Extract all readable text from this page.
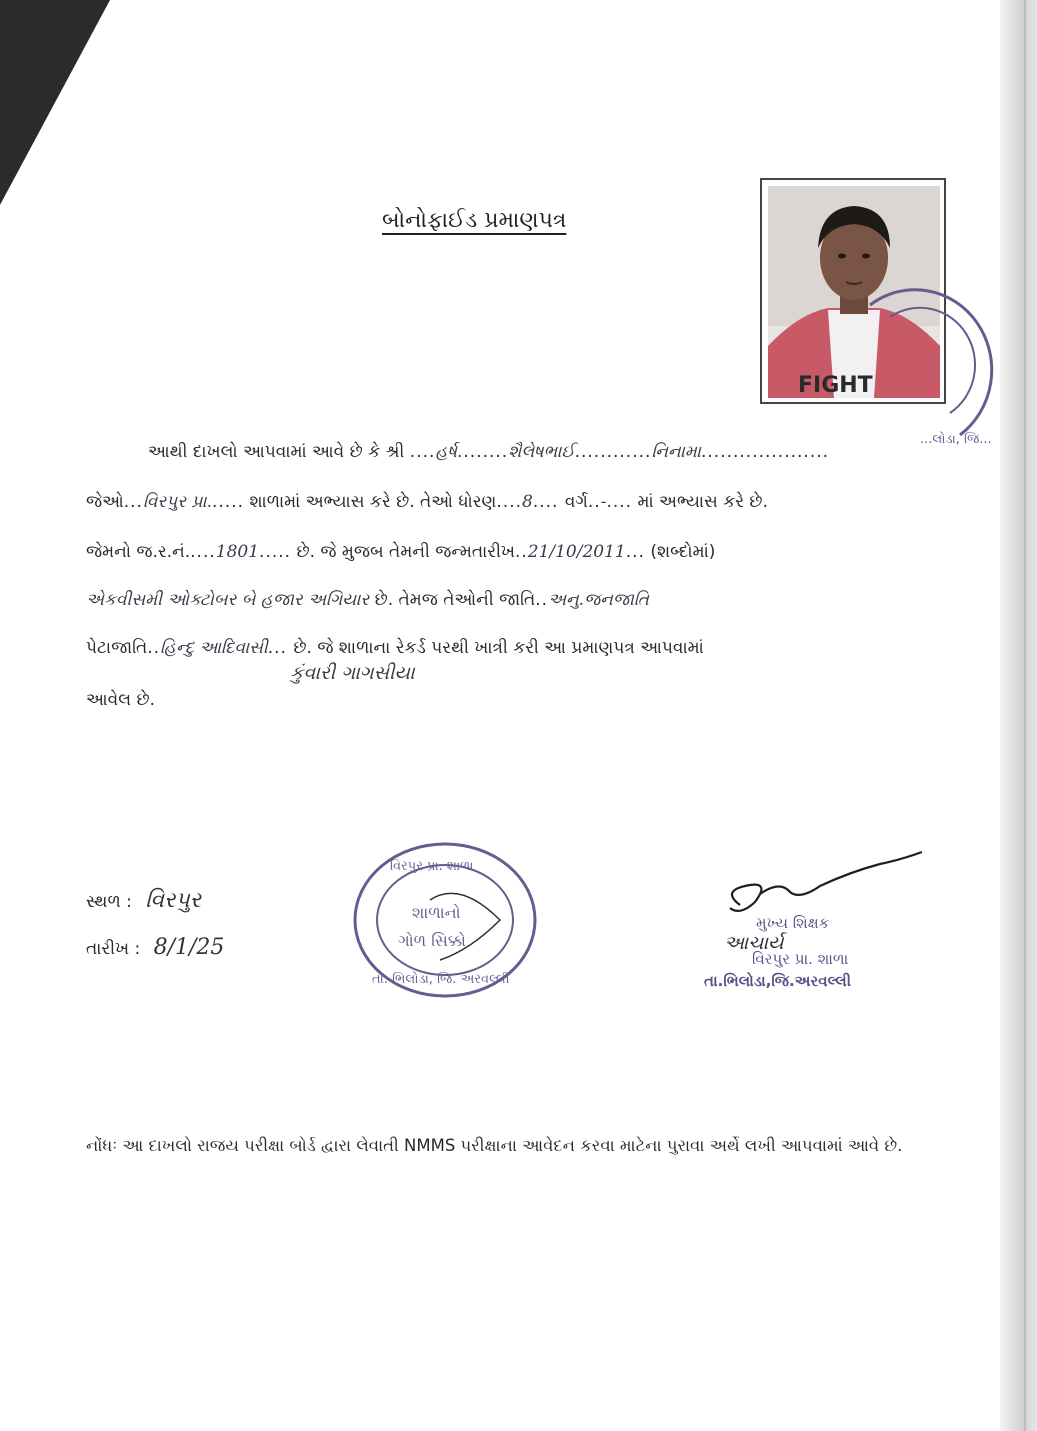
બોનોફાઈડ પ્રમાણપત્ર
FIGHT
...લોડા, જિ...
આથી દાખલો આપવામાં આવે છે કે શ્રી ....હર્ષ........શૈલેષભાઈ............નિનામા....................
જેઓ...વિરપુર પ્રા...... શાળામાં અભ્યાસ કરે છે. તેઓ ધોરણ....8.... વર્ગ..-.... માં અભ્યાસ કરે છે.
જેમનો જ.ર.નં.....1801..... છે. જે મુજબ તેમની જન્મતારીખ..21/10/2011... (શબ્દોમાં)
એકવીસમી ઓક્ટોબર બે હજાર અગિયાર છે. તેમજ તેઓની જાતિ..અનુ.જનજાતિ
પેટાજાતિ..હિન્દુ આદિવાસી... છે. જે શાળાના રેકર્ડ પરથી ખાત્રી કરી આ પ્રમાણપત્ર આપવામાં
આવેલ છે.
કુંવારી ગાગસીયા
સ્થળ : વિરપુર
તારીખ : 8/1/25
વિરપુર પ્રા. શાળા
તા. ભિલોડા, જિ. અરવલ્લી
શાળાનો
ગોળ સિક્કો
મુખ્ય શિક્ષક
આચાર્ય
વિરપુર પ્રા. શાળા
તા.ભિલોડા,જિ.અરવલ્લી
નોંધઃ આ દાખલો રાજય પરીક્ષા બોર્ડ દ્વારા લેવાતી NMMS પરીક્ષાના આવેદન કરવા માટેના પુરાવા અર્થે લખી આપવામાં આવે છે.
